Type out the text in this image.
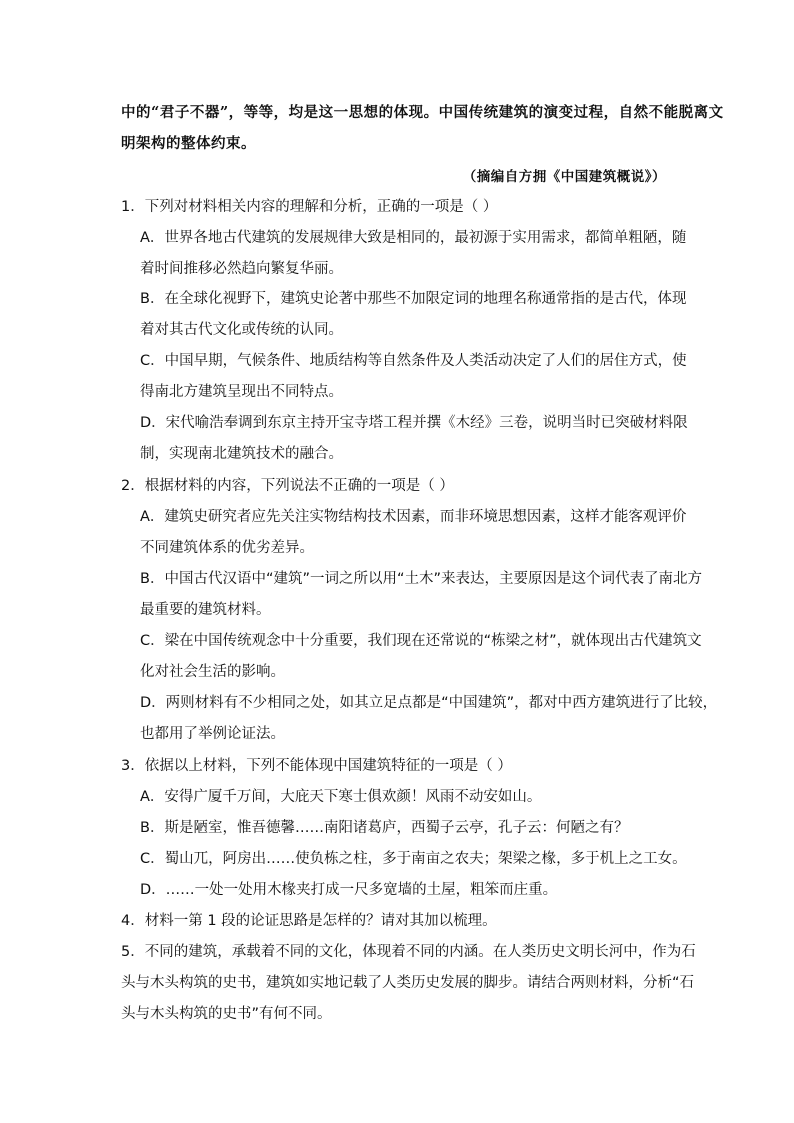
中的“君子不器”，等等，均是这一思想的体现。中国传统建筑的演变过程，自然不能脱离文
明架构的整体约束。
（摘编自方拥《中国建筑概说》）
1．下列对材料相关内容的理解和分析，正确的一项是（ ）
A．世界各地古代建筑的发展规律大致是相同的，最初源于实用需求，都简单粗陋，随
着时间推移必然趋向繁复华丽。
B．在全球化视野下，建筑史论著中那些不加限定词的地理名称通常指的是古代，体现
着对其古代文化或传统的认同。
C．中国早期，气候条件、地质结构等自然条件及人类活动决定了人们的居住方式，使
得南北方建筑呈现出不同特点。
D．宋代喻浩奉调到东京主持开宝寺塔工程并撰《木经》三卷，说明当时已突破材料限
制，实现南北建筑技术的融合。
2．根据材料的内容，下列说法不正确的一项是（ ）
A．建筑史研究者应先关注实物结构技术因素，而非环境思想因素，这样才能客观评价
不同建筑体系的优劣差异。
B．中国古代汉语中“建筑”一词之所以用“土木”来表达，主要原因是这个词代表了南北方
最重要的建筑材料。
C．梁在中国传统观念中十分重要，我们现在还常说的“栋梁之材”，就体现出古代建筑文
化对社会生活的影响。
D．两则材料有不少相同之处，如其立足点都是“中国建筑”，都对中西方建筑进行了比较，
也都用了举例论证法。
3．依据以上材料，下列不能体现中国建筑特征的一项是（ ）
A．安得广厦千万间，大庇天下寒士俱欢颜！风雨不动安如山。
B．斯是陋室，惟吾德馨……南阳诸葛庐，西蜀子云亭，孔子云：何陋之有？
C．蜀山兀，阿房出……使负栋之柱，多于南亩之农夫；架梁之椽，多于机上之工女。
D．……一处一处用木椽夹打成一尺多宽墙的土屋，粗笨而庄重。
4．材料一第 1 段的论证思路是怎样的？请对其加以梳理。
5．不同的建筑，承载着不同的文化，体现着不同的内涵。在人类历史文明长河中，作为石
头与木头构筑的史书，建筑如实地记载了人类历史发展的脚步。请结合两则材料，分析“石
头与木头构筑的史书”有何不同。
